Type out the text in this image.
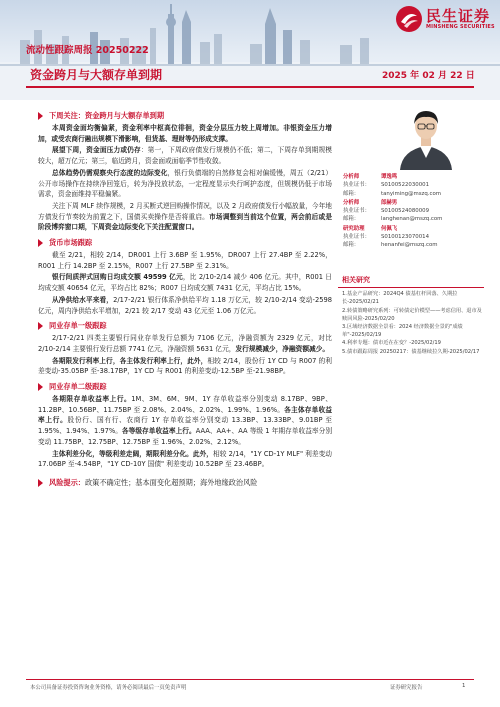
民生证券
MINSHENG SECURITIES
流动性跟踪周报 20250222
资金跨月与大额存单到期	2025 年 02 月 22 日
下周关注：资金跨月与大额存单到期

本周资金面均衡偏紧，资金利率中枢高位徘徊，资金分层压力较上周增加。非银资金压力增加，或受农商行融出规模下滑影响，但货基、理财等仍形成支撑。

展望下周，资金面压力或仍存：第一，下周政府债发行规模仍不低；第二，下周存单到期规模较大，超万亿元；第三，临近跨月，资金面或面临季节性收敛。

总体趋势仍需观察央行态度的边际变化，银行负债端的自然修复会相对偏缓慢，周五（2/21）公开市场操作在持续净回笼后，转为净投放状态，一定程度显示央行呵护态度，但规模仍低于市场需求，资金面维持平稳偏紧。

关注下周 MLF 续作规模，2 月买断式逆回购操作情况，以及 2 月政府债发行小幅放量，今年地方债发行节奏较为前置之下，国债买卖操作是否将重启。市场调整到当前这个位置，两会前后或是阶段博弈窗口期，下周资金边际变化下关注配置窗口。

货币市场跟踪

截至 2/21，相较 2/14，DR001 上行 3.6BP 至 1.95%，DR007 上行 27.4BP 至 2.22%，R001 上行 14.2BP 至 2.15%，R007 上行 27.5BP 至 2.31%。

银行间质押式回购日均成交额 49599 亿元，比 2/10-2/14 减少 406 亿元。其中，R001 日均成交额 40654 亿元，平均占比 82%；R007 日均成交额 7431 亿元，平均占比 15%。

从净供给水平来看，2/17-2/21 银行体系净供给平均 1.18 万亿元，较 2/10-2/14 变动-2598 亿元，周内净供给水平增加，2/21 较 2/17 变动 43 亿元至 1.06 万亿元。

同业存单一级跟踪

2/17-2/21 四类主要银行同业存单发行总额为 7106 亿元，净融资额为 2329 亿元，对比 2/10-2/14 主要银行发行总额 7741 亿元，净融资额 5631 亿元，发行规模减少，净融资额减少。

各期限发行利率上行，各主体发行利率上行，此外，相较 2/14，股份行 1Y CD 与 R007 的利差变动-35.05BP 至-38.17BP，1Y CD 与 R001 的利差变动-12.5BP 至-21.98BP。

同业存单二级跟踪

各期限存单收益率上行。1M、3M、6M、9M、1Y 存单收益率分别变动 8.17BP、9BP、11.2BP、10.56BP、11.75BP 至 2.08%、2.04%、2.02%、1.99%、1.96%。各主体存单收益率上行。股份行、国有行、农商行 1Y 存单收益率分别变动 13.3BP、13.33BP、9.01BP 至 1.95%、1.94%、1.97%。各等级存单收益率上行。AAA、AA+、AA 等级 1 年期存单收益率分别变动 11.75BP、12.75BP、12.75BP 至 1.96%、2.02%、2.12%。

主体利差分化，等级利差走阔，期限利差分化。此外，相较 2/14，"1Y CD-1Y MLF" 利差变动 17.06BP 至-4.54BP，"1Y CD-10Y 国债" 利差变动 10.52BP 至 23.46BP。

风险提示： 政策不确定性；基本面变化超预期；海外地缘政治风险
分析师	谭逸鸣
执业证书：	S0100522030001
邮箱：	tanyiming@mszq.com
分析师	郎赫男
执业证书：	S0100524080009
邮箱：	langhenan@mszq.com
研究助理	何佩飞
执业证书：	S0100123070014
邮箱：	henanfei@mszq.com
相关研究
1.基金产品研究：2024Q4 债基杠杆回落、久期拉长-2025/02/21
2.转债策略研究系列：可转债定价模型——考虑信用、退市及赎回风险-2025/02/20
3.区域经济数据全景看：2024 经济数据全景的"成绩单"-2025/02/19
4.利率专题：债市近在在变？-2025/02/19
5.债市跟踪周报 20250217：债基继续拉久期-2025/02/17
本公司具备证券投资咨询业务资格，请务必阅读最后一页免责声明	证券研究报告	1
